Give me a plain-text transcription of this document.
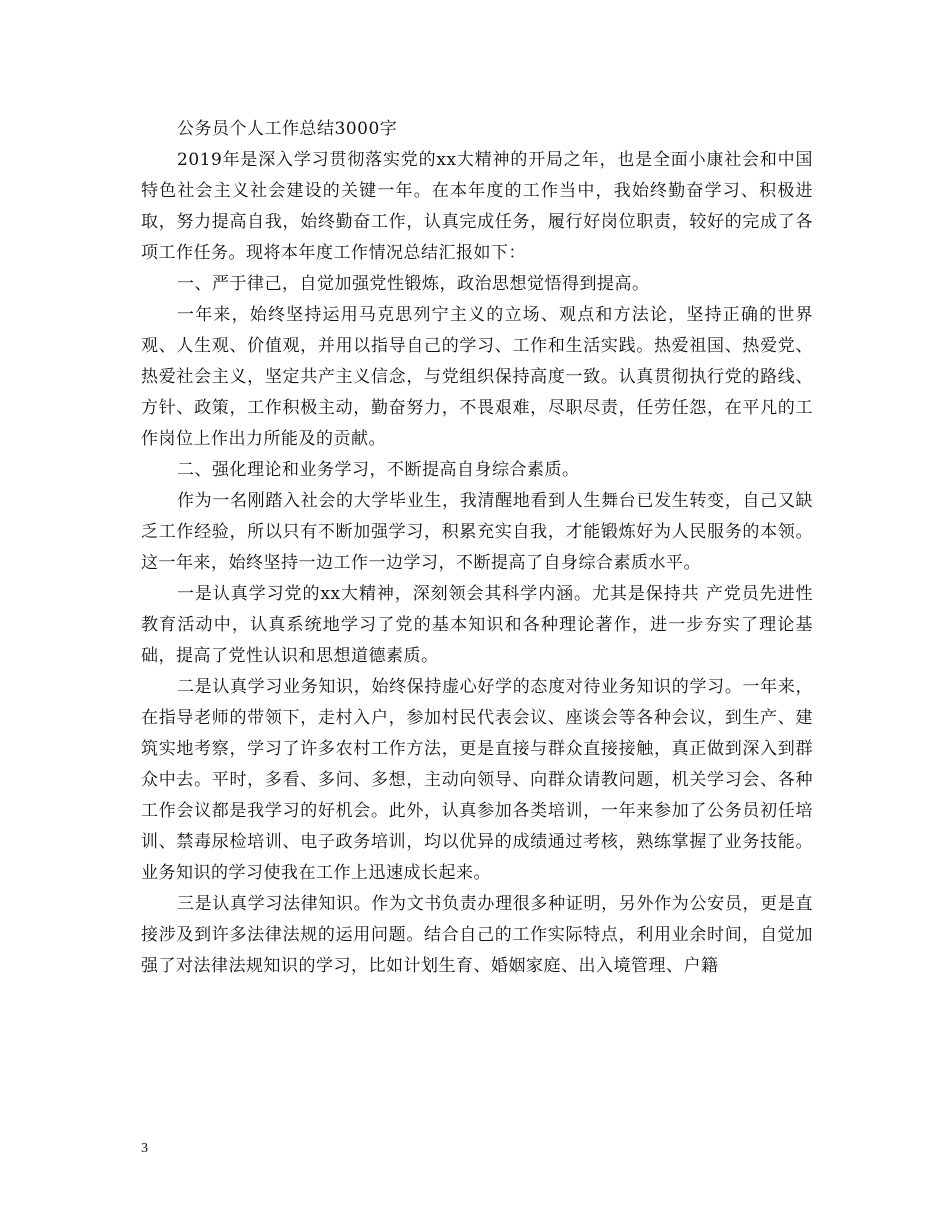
公务员个人工作总结3000字

2019年是深入学习贯彻落实党的xx大精神的开局之年，也是全面小康社会和中国特色社会主义社会建设的关键一年。在本年度的工作当中，我始终勤奋学习、积极进取，努力提高自我，始终勤奋工作，认真完成任务，履行好岗位职责，较好的完成了各项工作任务。现将本年度工作情况总结汇报如下：

一、严于律己，自觉加强党性锻炼，政治思想觉悟得到提高。

一年来，始终坚持运用马克思列宁主义的立场、观点和方法论，坚持正确的世界观、人生观、价值观，并用以指导自己的学习、工作和生活实践。热爱祖国、热爱党、热爱社会主义，坚定共产主义信念，与党组织保持高度一致。认真贯彻执行党的路线、方针、政策，工作积极主动，勤奋努力，不畏艰难，尽职尽责，任劳任怨，在平凡的工作岗位上作出力所能及的贡献。

二、强化理论和业务学习，不断提高自身综合素质。

作为一名刚踏入社会的大学毕业生，我清醒地看到人生舞台已发生转变，自己又缺乏工作经验，所以只有不断加强学习，积累充实自我，才能锻炼好为人民服务的本领。这一年来，始终坚持一边工作一边学习，不断提高了自身综合素质水平。

一是认真学习党的xx大精神，深刻领会其科学内涵。尤其是保持共 产党员先进性教育活动中，认真系统地学习了党的基本知识和各种理论著作，进一步夯实了理论基础，提高了党性认识和思想道德素质。

二是认真学习业务知识，始终保持虚心好学的态度对待业务知识的学习。一年来，在指导老师的带领下，走村入户，参加村民代表会议、座谈会等各种会议，到生产、建筑实地考察，学习了许多农村工作方法，更是直接与群众直接接触，真正做到深入到群众中去。平时，多看、多问、多想，主动向领导、向群众请教问题，机关学习会、各种工作会议都是我学习的好机会。此外，认真参加各类培训，一年来参加了公务员初任培训、禁毒尿检培训、电子政务培训，均以优异的成绩通过考核，熟练掌握了业务技能。业务知识的学习使我在工作上迅速成长起来。

三是认真学习法律知识。作为文书负责办理很多种证明，另外作为公安员，更是直接涉及到许多法律法规的运用问题。结合自己的工作实际特点，利用业余时间，自觉加强了对法律法规知识的学习，比如计划生育、婚姻家庭、出入境管理、户籍

3
